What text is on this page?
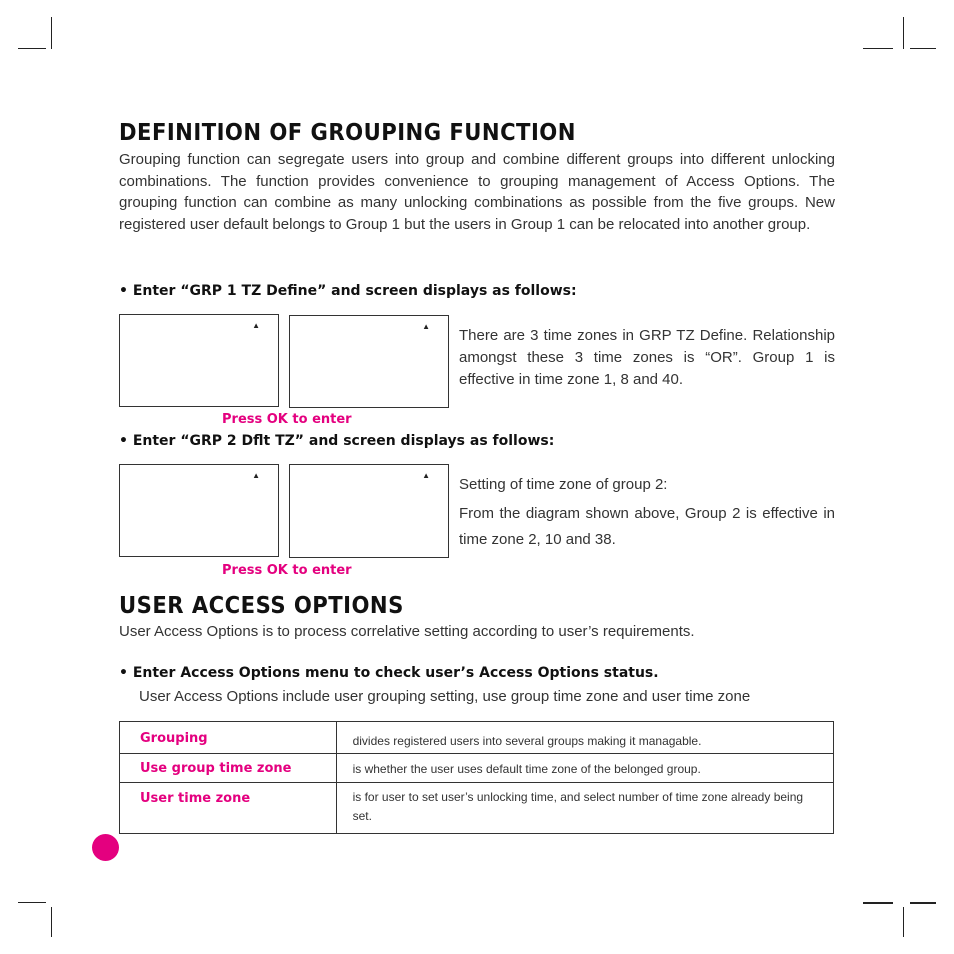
DEFINITION OF GROUPING FUNCTION

Grouping function can segregate users into group and combine different groups into different unlocking combinations. The function provides convenience to grouping management of Access Options. The grouping function can combine as many unlocking combinations as possible from the five groups. New registered user default belongs to Group 1 but the users in Group 1 can be relocated into another group.

• Enter “GRP 1 TZ Define” and screen displays as follows:
▲	▲

There are 3 time zones in GRP TZ Define. Relationship amongst these 3 time zones is “OR”. Group 1 is effective in time zone 1, 8 and 40.

Press OK to enter
• Enter “GRP 2 Dflt TZ” and screen displays as follows:
▲	▲

Setting of time zone of group 2:

From the diagram shown above, Group 2 is effective in time zone 2, 10 and 38.

Press OK to enter
USER ACCESS OPTIONS

User Access Options is to process correlative setting according to user’s requirements.

• Enter Access Options menu to check user’s Access Options status.

User Access Options include user grouping setting, use group time zone and user time zone

Grouping	divides registered users into several groups making it managable.
Use group time zone	is whether the user uses default time zone of the belonged group.
User time zone	is for user to set user’s unlocking time, and select number of time zone already being set.
